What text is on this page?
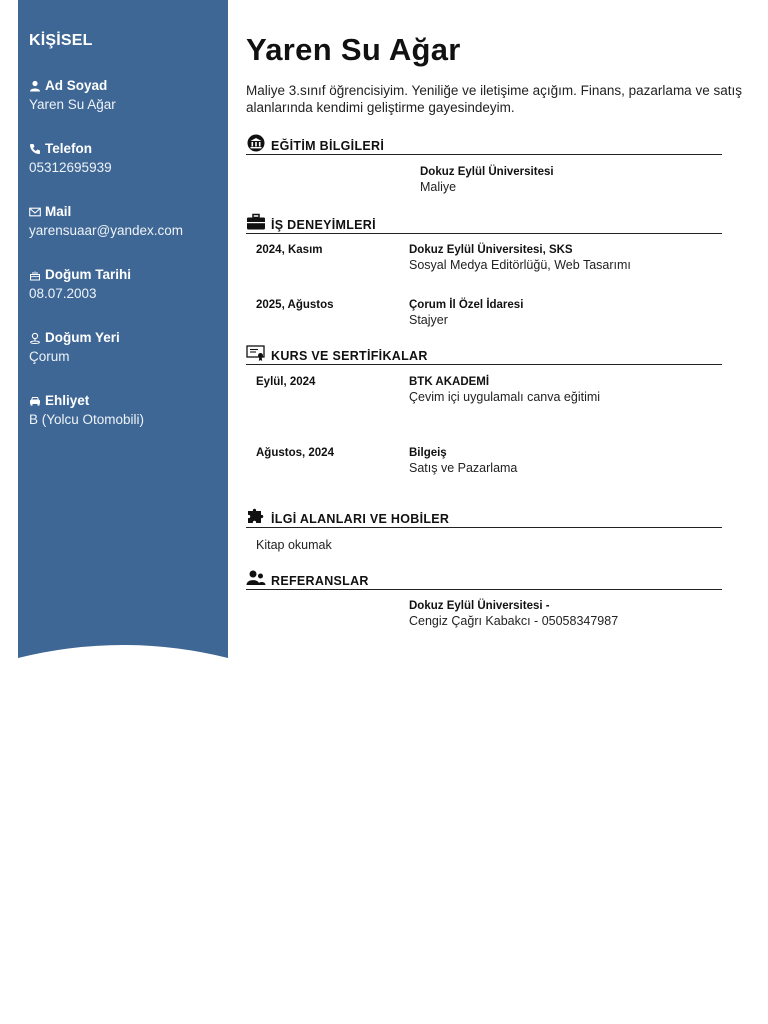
KİŞİSEL
Ad Soyad
Yaren Su Ağar
Telefon
05312695939
Mail
yarensuaar@yandex.com
Doğum Tarihi
08.07.2003
Doğum Yeri
Çorum
Ehliyet
B (Yolcu Otomobili)
Yaren Su Ağar
Maliye 3.sınıf öğrencisiyim. Yeniliğe ve iletişime açığım. Finans, pazarlama ve satış alanlarında kendimi geliştirme gayesindeyim.
EĞİTİM BİLGİLERİ
Dokuz Eylül Üniversitesi
Maliye
İŞ DENEYİMLERİ
2024, Kasım	Dokuz Eylül Üniversitesi, SKS
Sosyal Medya Editörlüğü, Web Tasarımı
2025, Ağustos	Çorum İl Özel İdaresi
Stajyer
KURS VE SERTİFİKALAR
Eylül, 2024	BTK AKADEMİ
Çevim içi uygulamalı canva eğitimi
Ağustos, 2024	Bilgeiş
Satış ve Pazarlama
İLGİ ALANLARI VE HOBİLER
Kitap okumak
REFERANSLAR
Dokuz Eylül Üniversitesi -
Cengiz Çağrı Kabakcı - 05058347987
